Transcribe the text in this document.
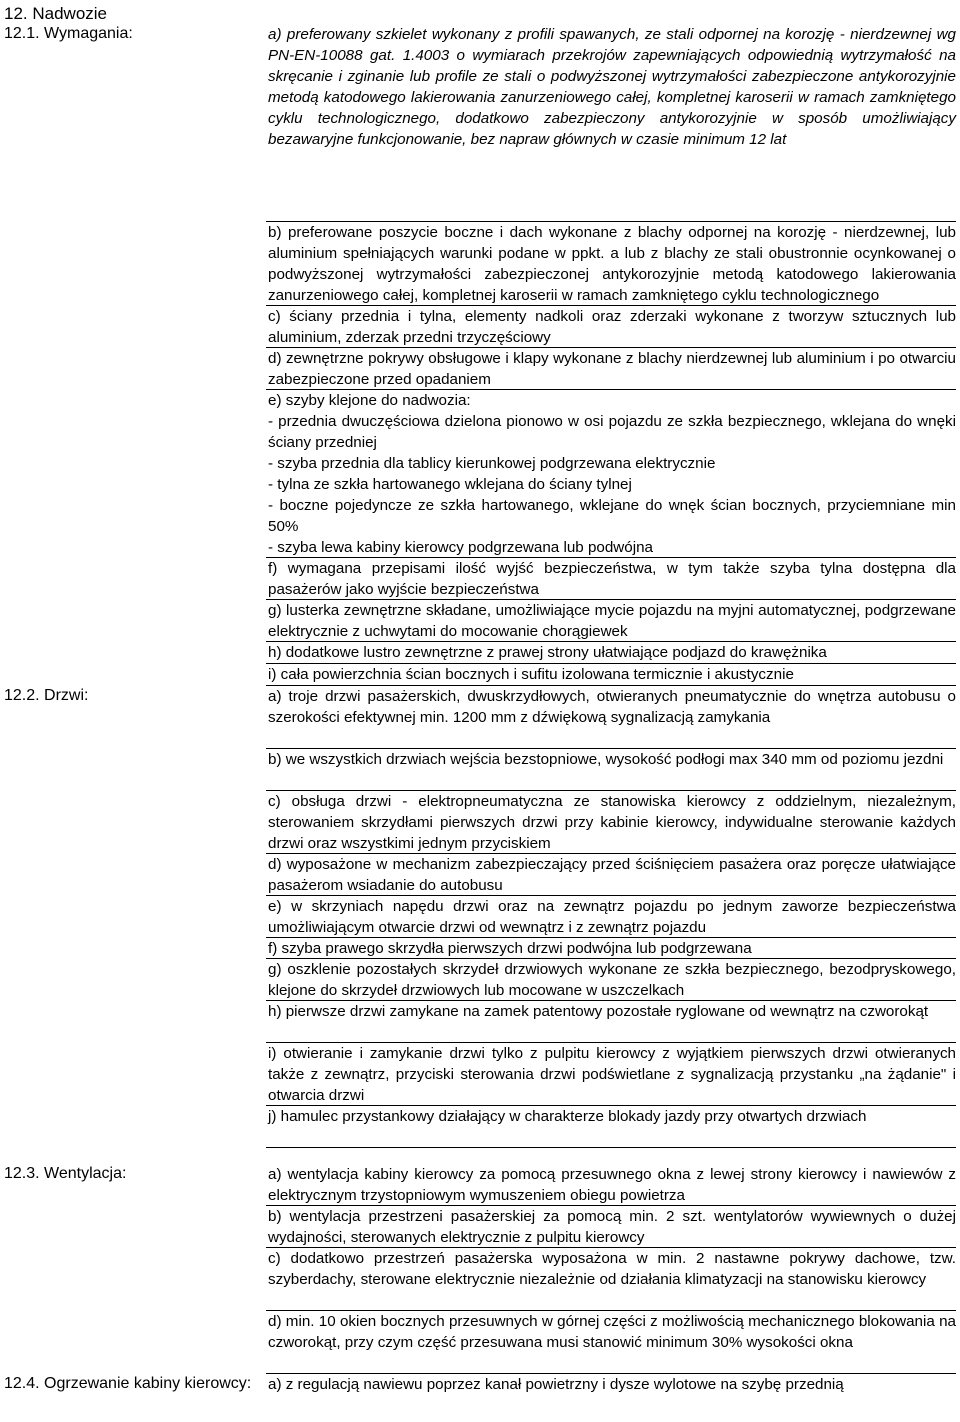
12. Nadwozie
12.1. Wymagania:	a) preferowany szkielet wykonany z profili spawanych, ze stali odpornej na korozję - nierdzewnej wg PN-EN-10088 gat. 1.4003 o wymiarach przekrojów zapewniających odpowiednią wytrzymałość na skręcanie i zginanie lub profile ze stali o podwyższonej wytrzymałości zabezpieczone antykorozyjnie metodą katodowego lakierowania zanurzeniowego całej, kompletnej karoserii w ramach zamkniętego cyklu technologicznego, dodatkowo zabezpieczony antykorozyjnie w sposób umożliwiający bezawaryjne funkcjonowanie, bez napraw głównych w czasie minimum 12 lat
b) preferowane poszycie boczne i dach wykonane z blachy odpornej na korozję - nierdzewnej, lub aluminium spełniających warunki podane w ppkt. a lub z blachy ze stali obustronnie ocynkowanej o podwyższonej wytrzymałości zabezpieczonej antykorozyjnie metodą katodowego lakierowania zanurzeniowego całej, kompletnej karoserii w ramach zamkniętego cyklu technologicznego
c) ściany przednia i tylna, elementy nadkoli oraz zderzaki wykonane z tworzyw sztucznych lub aluminium, zderzak przedni trzyczęściowy
d) zewnętrzne pokrywy obsługowe i klapy wykonane z blachy nierdzewnej lub aluminium i po otwarciu zabezpieczone przed opadaniem
e) szyby klejone do nadwozia:
- przednia dwuczęściowa dzielona pionowo w osi pojazdu ze szkła bezpiecznego, wklejana do wnęki ściany przedniej
- szyba przednia dla tablicy kierunkowej podgrzewana elektrycznie
- tylna ze szkła hartowanego wklejana do ściany tylnej
- boczne pojedyncze ze szkła hartowanego, wklejane do wnęk ścian bocznych, przyciemniane min 50%
- szyba lewa kabiny kierowcy podgrzewana lub podwójna
f) wymagana przepisami ilość wyjść bezpieczeństwa, w tym także szyba tylna dostępna dla pasażerów jako wyjście bezpieczeństwa
g) lusterka zewnętrzne składane, umożliwiające mycie pojazdu na myjni automatycznej, podgrzewane elektrycznie z uchwytami do mocowanie chorągiewek
h) dodatkowe lustro zewnętrzne z prawej strony ułatwiające podjazd do krawężnika
i) cała powierzchnia ścian bocznych i sufitu izolowana termicznie i akustycznie
12.2. Drzwi:	a) troje drzwi pasażerskich, dwuskrzydłowych, otwieranych pneumatycznie do wnętrza autobusu o szerokości efektywnej min. 1200 mm z dźwiękową sygnalizacją zamykania
b) we wszystkich drzwiach wejścia bezstopniowe, wysokość podłogi max 340 mm od poziomu jezdni
c) obsługa drzwi - elektropneumatyczna ze stanowiska kierowcy z oddzielnym, niezależnym, sterowaniem skrzydłami pierwszych drzwi przy kabinie kierowcy, indywidualne sterowanie każdych drzwi oraz wszystkimi jednym przyciskiem
d) wyposażone w mechanizm zabezpieczający przed ściśnięciem pasażera oraz poręcze ułatwiające pasażerom wsiadanie do autobusu
e) w skrzyniach napędu drzwi oraz na zewnątrz pojazdu po jednym zaworze bezpieczeństwa umożliwiającym otwarcie drzwi od wewnątrz i z zewnątrz pojazdu
f) szyba prawego skrzydła pierwszych drzwi podwójna lub podgrzewana
g) oszklenie pozostałych skrzydeł drzwiowych wykonane ze szkła bezpiecznego, bezodpryskowego, klejone do skrzydeł drzwiowych lub mocowane w uszczelkach
h) pierwsze drzwi zamykane na zamek patentowy pozostałe ryglowane od wewnątrz na czworokąt
i) otwieranie i zamykanie drzwi tylko z pulpitu kierowcy z wyjątkiem pierwszych drzwi otwieranych także z zewnątrz, przyciski sterowania drzwi podświetlane z sygnalizacją przystanku „na żądanie" i otwarcia drzwi
j) hamulec przystankowy działający w charakterze blokady jazdy przy otwartych drzwiach
12.3. Wentylacja:	a) wentylacja kabiny kierowcy za pomocą przesuwnego okna z lewej strony kierowcy i nawiewów z elektrycznym trzystopniowym wymuszeniem obiegu powietrza
b) wentylacja przestrzeni pasażerskiej za pomocą min. 2 szt. wentylatorów wywiewnych o dużej wydajności, sterowanych elektrycznie z pulpitu kierowcy
c) dodatkowo przestrzeń pasażerska wyposażona w min. 2 nastawne pokrywy dachowe, tzw. szyberdachy, sterowane elektrycznie niezależnie od działania klimatyzacji na stanowisku kierowcy
d) min. 10 okien bocznych przesuwnych w górnej części z możliwością mechanicznego blokowania na czworokąt, przy czym część przesuwana musi stanowić minimum 30% wysokości okna
12.4. Ogrzewanie kabiny kierowcy:	a) z regulacją nawiewu poprzez kanał powietrzny i dysze wylotowe na szybę przednią
